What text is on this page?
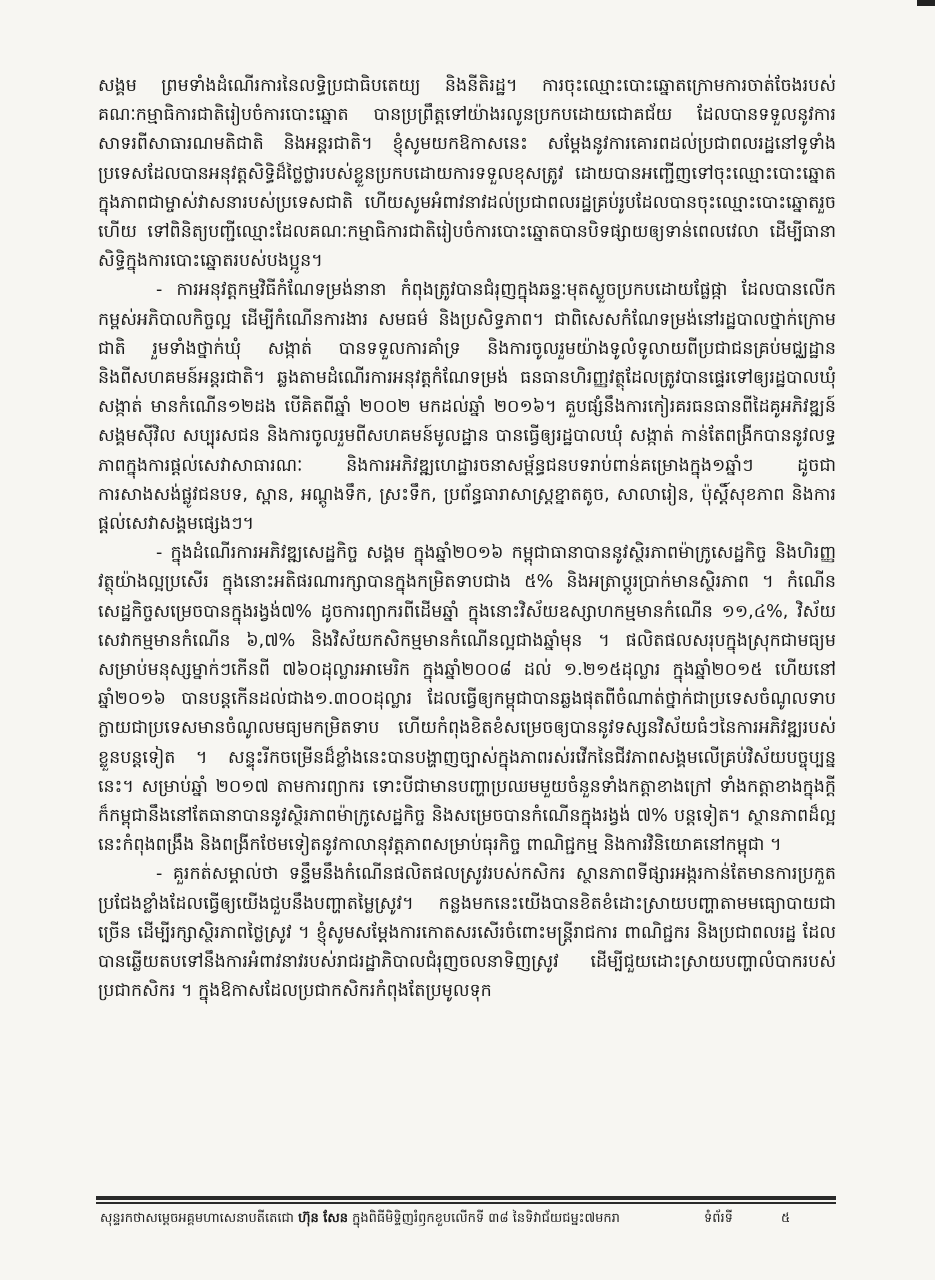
សង្គម ព្រមទាំងដំណើរការនៃលទ្ធិប្រជាធិបតេយ្យ និងនីតិរដ្ឋ។ ការចុះឈ្មោះបោះឆ្នោតក្រោមការចាត់ចែងរបស់គណៈកម្មាធិការជាតិរៀបចំការបោះឆ្នោត បានប្រព្រឹត្តទៅយ៉ាងរលូនប្រកបដោយជោគជ័យ ដែលបានទទួលនូវការសាទរពីសាធារណមតិជាតិ និងអន្តរជាតិ។ ខ្ញុំសូមយកឱកាសនេះ សម្តែងនូវការគោរពដល់ប្រជាពលរដ្ឋនៅទូទាំងប្រទេសដែលបានអនុវត្តសិទ្ធិដ៏ថ្លៃថ្លារបស់ខ្លួនប្រកបដោយការទទួលខុសត្រូវ ដោយបានអញ្ជើញទៅចុះឈ្មោះបោះឆ្នោតក្នុងភាពជាម្ចាស់វាសនារបស់ប្រទេសជាតិ ហើយសូមអំពាវនាវដល់ប្រជាពលរដ្ឋគ្រប់រូបដែលបានចុះឈ្មោះបោះឆ្នោតរួចហើយ ទៅពិនិត្យបញ្ជីឈ្មោះដែលគណៈកម្មាធិការជាតិរៀបចំការបោះឆ្នោតបានបិទផ្សាយឲ្យទាន់ពេលវេលា ដើម្បីធានាសិទ្ធិក្នុងការបោះឆ្នោតរបស់បងប្អូន។

- ការអនុវត្តកម្មវិធីកំណែទម្រង់នានា កំពុងត្រូវបានជំរុញក្នុងឆន្ទៈមុតស្លួចប្រកបដោយផ្លែផ្កា ដែលបានលើកកម្ពស់អភិបាលកិច្ចល្អ ដើម្បីកំណើនការងារ សមធម៌ និងប្រសិទ្ធភាព។ ជាពិសេសកំណែទម្រង់នៅរដ្ឋបាលថ្នាក់ក្រោមជាតិ រួមទាំងថ្នាក់ឃុំ សង្កាត់ បានទទួលការគាំទ្រ និងការចូលរួមយ៉ាងទូលំទូលាយពីប្រជាជនគ្រប់មជ្ឈដ្ឋាន និងពីសហគមន៍អន្តរជាតិ។ ឆ្លងតាមដំណើរការអនុវត្តកំណែទម្រង់ ធនធានហិរញ្ញវត្ថុដែលត្រូវបានផ្ទេរទៅឲ្យរដ្ឋបាលឃុំ សង្កាត់ មានកំណើន១២ដង បើគិតពីឆ្នាំ ២០០២ មកដល់ឆ្នាំ ២០១៦។ គួបផ្សំនឹងការកៀរគរធនធានពីដៃគូអភិវឌ្ឍន៍ សង្គមស៊ីវិល សប្បុរសជន និងការចូលរួមពីសហគមន៍មូលដ្ឋាន បានធ្វើឲ្យរដ្ឋបាលឃុំ សង្កាត់ កាន់តែពង្រីកបាននូវលទ្ធភាពក្នុងការផ្តល់សេវាសាធារណៈ និងការអភិវឌ្ឍហេដ្ឋារចនាសម្ព័ន្ធជនបទរាប់ពាន់គម្រោងក្នុង១ឆ្នាំៗ ដូចជា ការសាងសង់ផ្លូវជនបទ, ស្ពាន, អណ្តូងទឹក, ស្រះទឹក, ប្រព័ន្ធធារាសាស្ត្រខ្នាតតូច, សាលារៀន, ប៉ុស្តិ៍សុខភាព និងការផ្តល់សេវាសង្គមផ្សេងៗ។

- ក្នុងដំណើរការអភិវឌ្ឍសេដ្ឋកិច្ច សង្គម ក្នុងឆ្នាំ២០១៦ កម្ពុជាធានាបាននូវស្ថិរភាពម៉ាក្រូសេដ្ឋកិច្ច និងហិរញ្ញវត្ថុយ៉ាងល្អប្រសើរ ក្នុងនោះអតិផរណារក្សាបានក្នុងកម្រិតទាបជាង ៥% និងអត្រាប្តូរប្រាក់មានស្ថិរភាព ។ កំណើនសេដ្ឋកិច្ចសម្រេចបានក្នុងរង្វង់៧% ដូចការព្យាករពីដើមឆ្នាំ ក្នុងនោះវិស័យឧស្សាហកម្មមានកំណើន ១១,៤%, វិស័យសេវាកម្មមានកំណើន ៦,៧% និងវិស័យកសិកម្មមានកំណើនល្អជាងឆ្នាំមុន ។ ផលិតផលសរុបក្នុងស្រុកជាមធ្យមសម្រាប់មនុស្សម្នាក់ៗកើនពី ៧៦០ដុល្លារអាមេរិក ក្នុងឆ្នាំ២០០៨ ដល់ ១.២១៥ដុល្លារ ក្នុងឆ្នាំ២០១៥ ហើយនៅឆ្នាំ២០១៦ បានបន្តកើនដល់ជាង១.៣០០ដុល្លារ ដែលធ្វើឲ្យកម្ពុជាបានឆ្លងផុតពីចំណាត់ថ្នាក់ជាប្រទេសចំណូលទាបក្លាយជាប្រទេសមានចំណូលមធ្យមកម្រិតទាប ហើយកំពុងខិតខំសម្រេចឲ្យបាននូវទស្សនវិស័យធំៗនៃការអភិវឌ្ឍរបស់ខ្លួនបន្តទៀត ។ សន្ទុះរីកចម្រើនដ៏ខ្លាំងនេះបានបង្ហាញច្បាស់ក្នុងភាពរស់រវើកនៃជីវភាពសង្គមលើគ្រប់វិស័យបច្ចុប្បន្ននេះ។ សម្រាប់ឆ្នាំ ២០១៧ តាមការព្យាករ ទោះបីជាមានបញ្ហាប្រឈមមួយចំនួនទាំងកត្តាខាងក្រៅ ទាំងកត្តាខាងក្នុងក្តី ក៏កម្ពុជានឹងនៅតែធានាបាននូវស្ថិរភាពម៉ាក្រូសេដ្ឋកិច្ច និងសម្រេចបានកំណើនក្នុងរង្វង់ ៧% បន្តទៀត។ ស្ថានភាពដ៏ល្អនេះកំពុងពង្រឹង និងពង្រីកថែមទៀតនូវកាលានុវត្តភាពសម្រាប់ធុរកិច្ច ពាណិជ្ជកម្ម និងការវិនិយោគនៅកម្ពុជា ។

- គួរកត់សម្គាល់ថា ទន្ទឹមនឹងកំណើនផលិតផលស្រូវរបស់កសិករ ស្ថានភាពទីផ្សារអង្ករកាន់តែមានការប្រកួតប្រជែងខ្លាំងដែលធ្វើឲ្យយើងជួបនឹងបញ្ហាតម្លៃស្រូវ។ កន្លងមកនេះយើងបានខិតខំដោះស្រាយបញ្ហាតាមមធ្យោបាយជាច្រើន ដើម្បីរក្សាស្ថិរភាពថ្លៃស្រូវ ។ ខ្ញុំសូមសម្តែងការកោតសរសើរចំពោះមន្ត្រីរាជការ ពាណិជ្ជករ និងប្រជាពលរដ្ឋ ដែលបានឆ្លើយតបទៅនឹងការអំពាវនាវរបស់រាជរដ្ឋាភិបាលជំរុញចលនាទិញស្រូវ ដើម្បីជួយដោះស្រាយបញ្ហាលំបាករបស់ប្រជាកសិករ ។ ក្នុងឱកាសដែលប្រជាកសិករកំពុងតែប្រមូលទុក

សុន្ទរកថាសម្ដេចអគ្គមហាសេនាបតីតេជោ ហ៊ុន សែន ក្នុងពិធីមិទ្ទិញរំឭកខួបលើកទី ៣៨ នៃទិវាជ័យជម្នះ៧មករា	ទំព័រទី	៥
